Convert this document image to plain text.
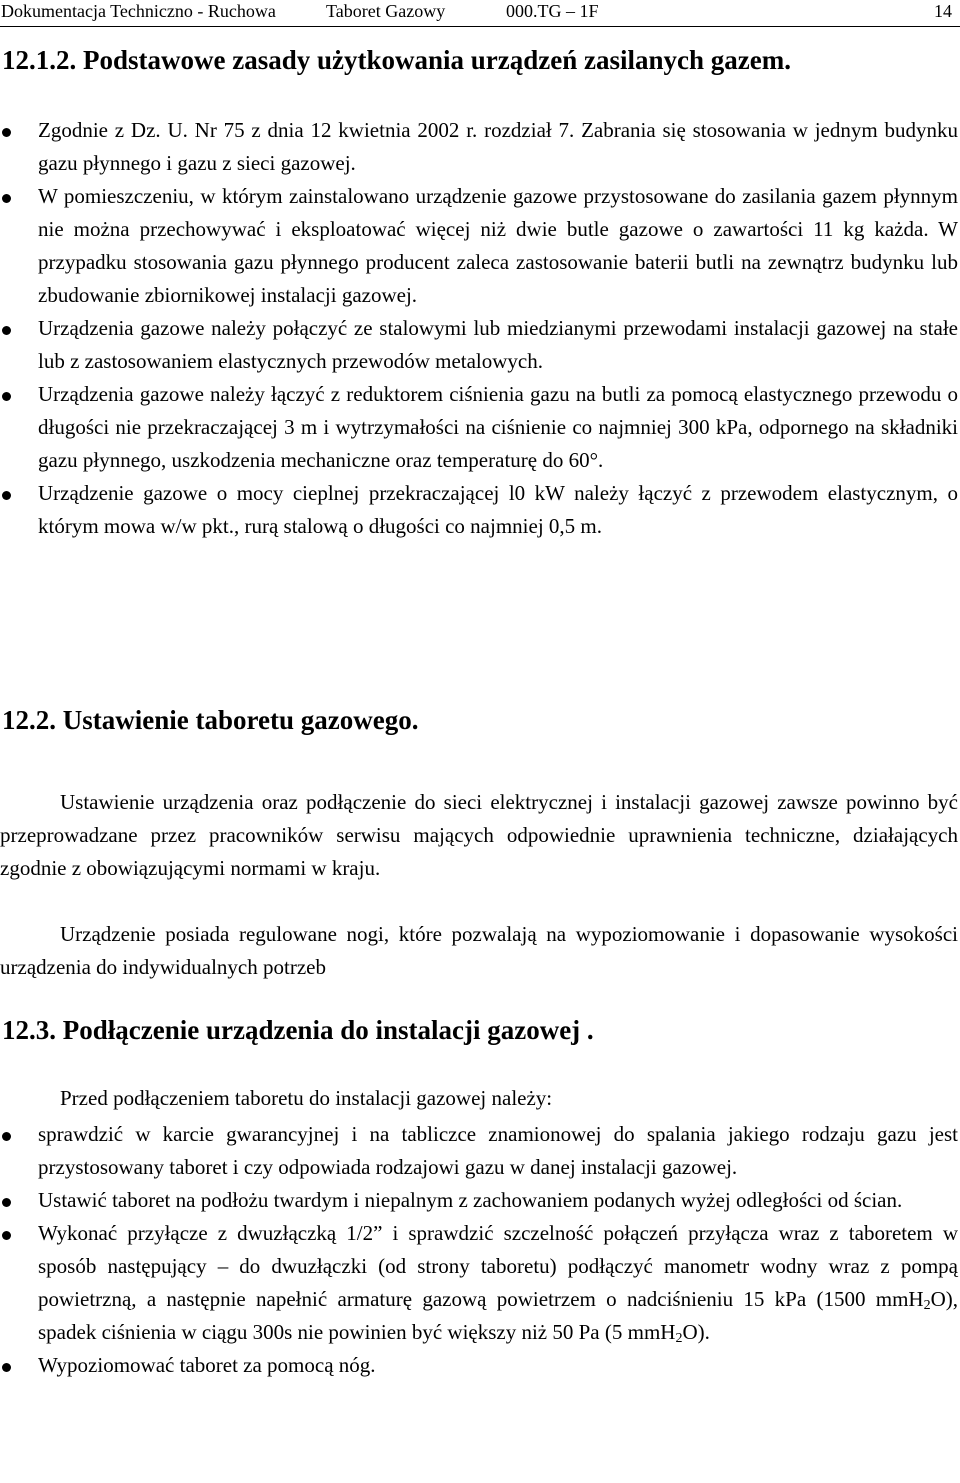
Dokumentacja Techniczno - Ruchowa	Taboret Gazowy	000.TG – 1F	14
12.1.2. Podstawowe zasady użytkowania urządzeń zasilanych gazem.
Zgodnie z Dz. U. Nr 75 z dnia 12 kwietnia 2002 r. rozdział 7. Zabrania się stosowania w jednym budynku gazu płynnego i gazu z sieci gazowej.
W pomieszczeniu, w którym zainstalowano urządzenie gazowe przystosowane do zasilania gazem płynnym nie można przechowywać i eksploatować więcej niż dwie butle gazowe o zawartości 11 kg każda. W przypadku stosowania gazu płynnego producent zaleca zastosowanie baterii butli na zewnątrz budynku lub zbudowanie zbiornikowej instalacji gazowej.
Urządzenia gazowe należy połączyć ze stalowymi lub miedzianymi przewodami instalacji gazowej na stałe lub z zastosowaniem elastycznych przewodów metalowych.
Urządzenia gazowe należy łączyć z reduktorem ciśnienia gazu na butli za pomocą elastycznego przewodu o długości nie przekraczającej 3 m i wytrzymałości na ciśnienie co najmniej 300 kPa, odpornego na składniki gazu płynnego, uszkodzenia mechaniczne oraz temperaturę do 60°.
Urządzenie gazowe o mocy cieplnej przekraczającej l0 kW należy łączyć z przewodem elastycznym, o którym mowa w/w pkt., rurą stalową o długości co najmniej 0,5 m.
12.2. Ustawienie taboretu gazowego.
Ustawienie urządzenia oraz podłączenie do sieci elektrycznej i instalacji gazowej zawsze powinno być przeprowadzane przez pracowników serwisu mających odpowiednie uprawnienia techniczne, działających zgodnie z obowiązującymi normami w kraju.
Urządzenie posiada regulowane nogi, które pozwalają na wypoziomowanie i dopasowanie wysokości urządzenia do indywidualnych potrzeb
12.3. Podłączenie urządzenia do instalacji gazowej .
Przed podłączeniem taboretu do instalacji gazowej należy:
sprawdzić w karcie gwarancyjnej i na tabliczce znamionowej do spalania jakiego rodzaju gazu jest przystosowany taboret i czy odpowiada rodzajowi gazu w danej instalacji gazowej.
Ustawić taboret na podłożu twardym i niepalnym z zachowaniem podanych wyżej odległości od ścian.
Wykonać przyłącze z dwuzłączką 1/2” i sprawdzić szczelność połączeń przyłącza wraz z taboretem w sposób następujący – do dwuzłączki (od strony taboretu) podłączyć manometr wodny wraz z pompą powietrzną, a następnie napełnić armaturę gazową powietrzem o nadciśnieniu 15 kPa (1500 mmH$_2$O), spadek ciśnienia w ciągu 300s nie powinien być większy niż 50 Pa (5 mmH$_2$O).
Wypoziomować taboret za pomocą nóg.
